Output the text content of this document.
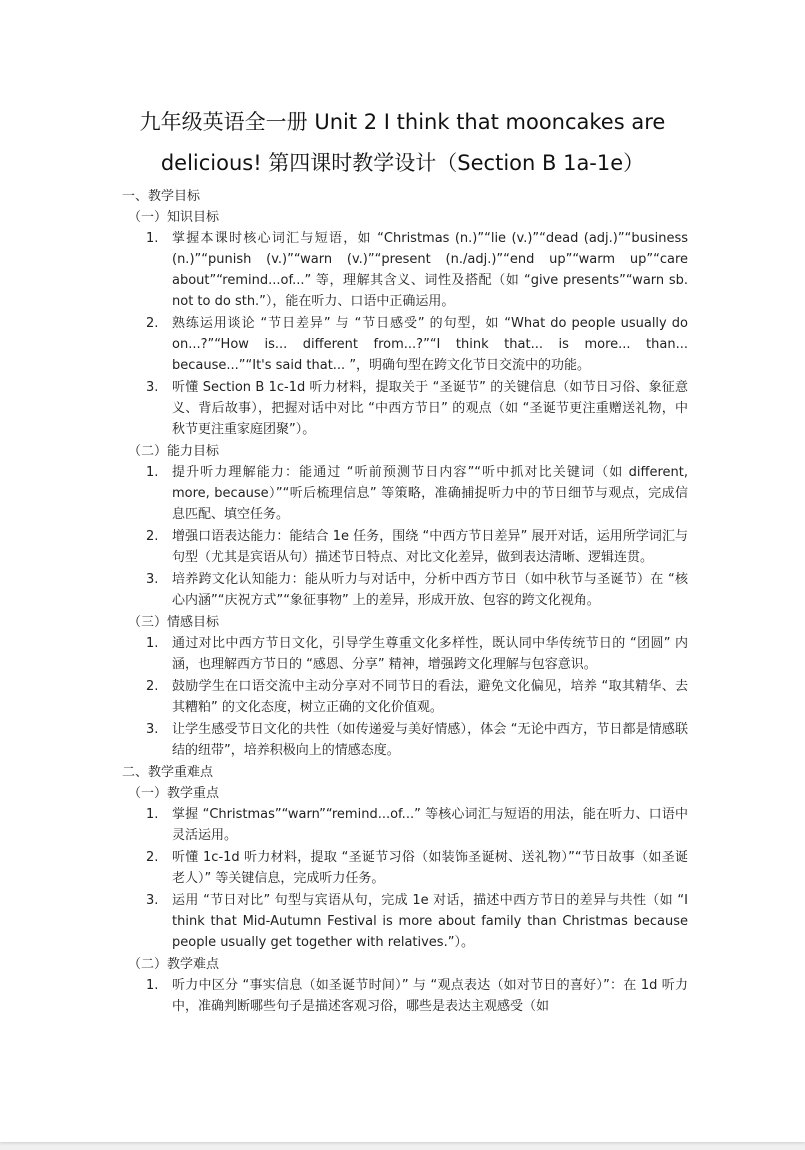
九年级英语全一册 Unit 2 I think that mooncakes are
delicious! 第四课时教学设计（Section B 1a-1e）
一、教学目标
（一）知识目标
1.	掌握本课时核心词汇与短语，如 “Christmas (n.)”“lie (v.)”“dead (adj.)”“business (n.)”“punish (v.)”“warn (v.)”“present (n./adj.)”“end up”“warm up”“care about”“remind...of...” 等，理解其含义、词性及搭配（如 “give presents”“warn sb. not to do sth.”），能在听力、口语中正确运用。
2.	熟练运用谈论 “节日差异” 与 “节日感受” 的句型，如 “What do people usually do on...?”“How is... different from...?”“I think that... is more... than... because...”“It's said that... ”，明确句型在跨文化节日交流中的功能。
3.	听懂 Section B 1c-1d 听力材料，提取关于 “圣诞节” 的关键信息（如节日习俗、象征意义、背后故事），把握对话中对比 “中西方节日” 的观点（如 “圣诞节更注重赠送礼物，中秋节更注重家庭团聚”）。
（二）能力目标
1.	提升听力理解能力：能通过 “听前预测节日内容”“听中抓对比关键词（如 different, more, because）”“听后梳理信息” 等策略，准确捕捉听力中的节日细节与观点，完成信息匹配、填空任务。
2.	增强口语表达能力：能结合 1e 任务，围绕 “中西方节日差异” 展开对话，运用所学词汇与句型（尤其是宾语从句）描述节日特点、对比文化差异，做到表达清晰、逻辑连贯。
3.	培养跨文化认知能力：能从听力与对话中，分析中西方节日（如中秋节与圣诞节）在 “核心内涵”“庆祝方式”“象征事物” 上的差异，形成开放、包容的跨文化视角。
（三）情感目标
1.	通过对比中西方节日文化，引导学生尊重文化多样性，既认同中华传统节日的 “团圆” 内涵，也理解西方节日的 “感恩、分享” 精神，增强跨文化理解与包容意识。
2.	鼓励学生在口语交流中主动分享对不同节日的看法，避免文化偏见，培养 “取其精华、去其糟粕” 的文化态度，树立正确的文化价值观。
3.	让学生感受节日文化的共性（如传递爱与美好情感），体会 “无论中西方，节日都是情感联结的纽带”，培养积极向上的情感态度。
二、教学重难点
（一）教学重点
1.	掌握 “Christmas”“warn”“remind...of...” 等核心词汇与短语的用法，能在听力、口语中灵活运用。
2.	听懂 1c-1d 听力材料，提取 “圣诞节习俗（如装饰圣诞树、送礼物）”“节日故事（如圣诞老人）” 等关键信息，完成听力任务。
3.	运用 “节日对比” 句型与宾语从句，完成 1e 对话，描述中西方节日的差异与共性（如 “I think that Mid-Autumn Festival is more about family than Christmas because people usually get together with relatives.”）。
（二）教学难点
1.	听力中区分 “事实信息（如圣诞节时间）” 与 “观点表达（如对节日的喜好）”：在 1d 听力中，准确判断哪些句子是描述客观习俗，哪些是表达主观感受（如
